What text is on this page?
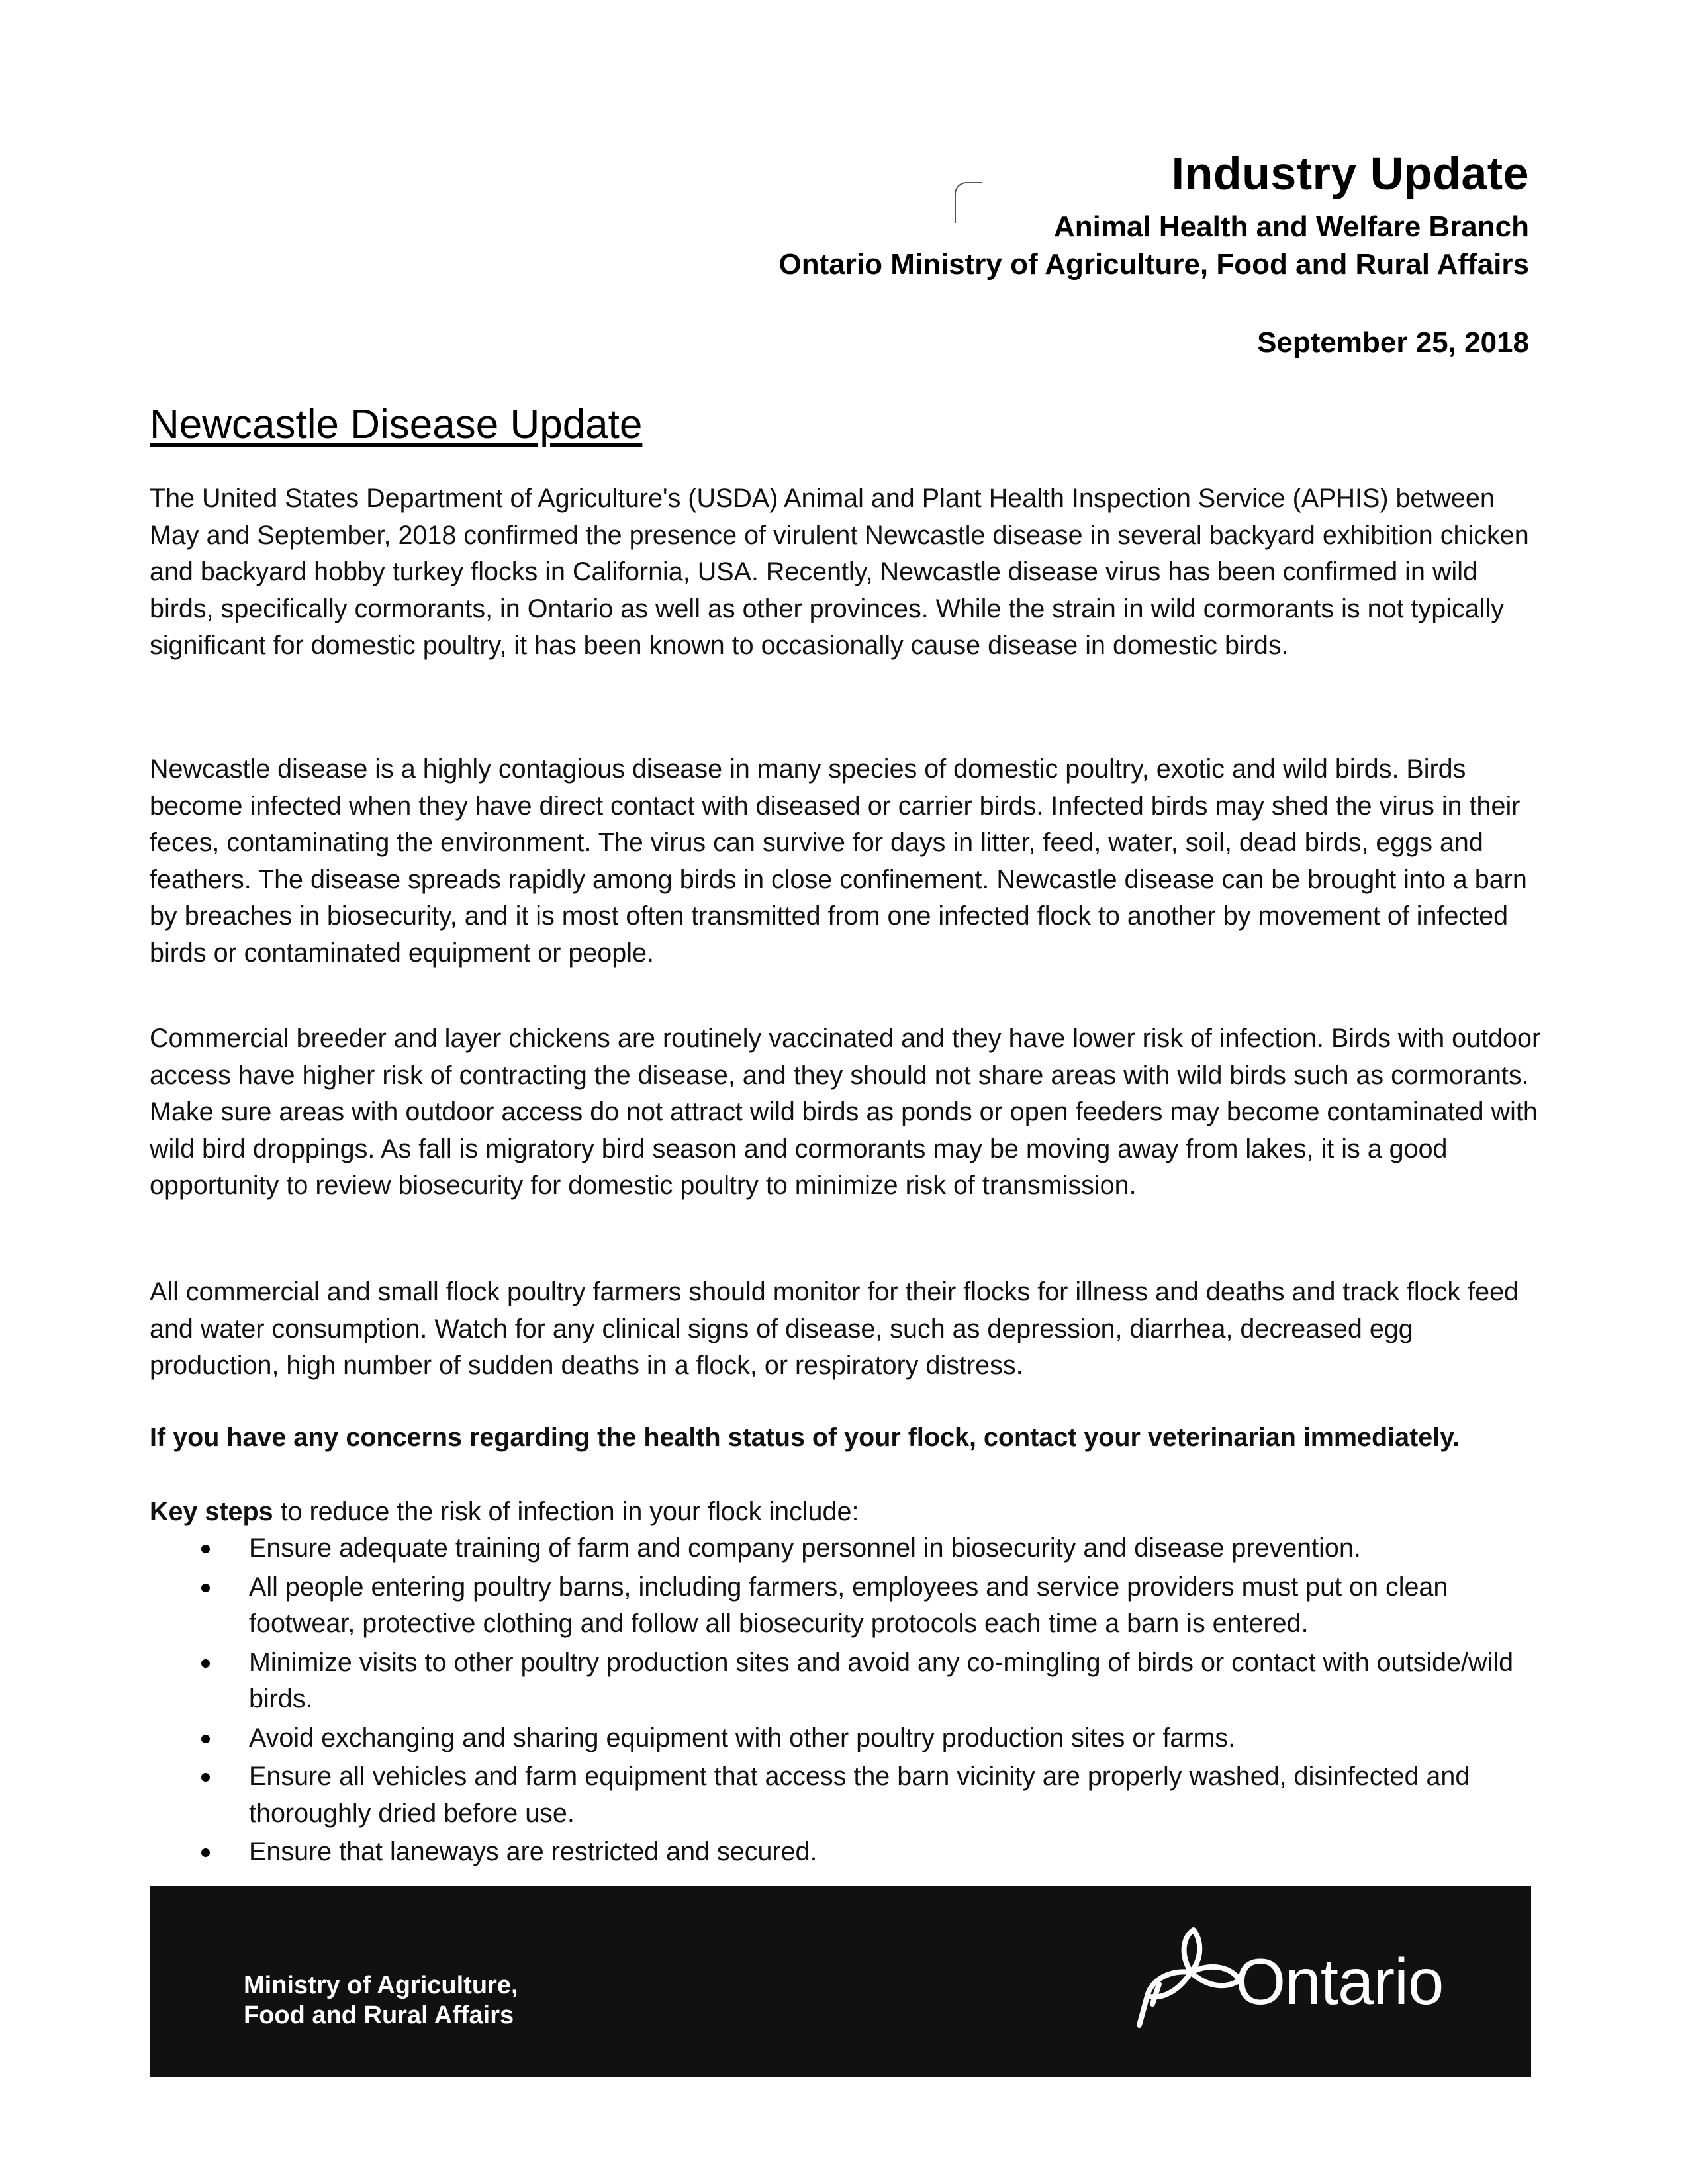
Industry Update
Animal Health and Welfare Branch
Ontario Ministry of Agriculture, Food and Rural Affairs
September 25, 2018
Newcastle Disease Update

The United States Department of Agriculture's (USDA) Animal and Plant Health Inspection Service (APHIS) between May and September, 2018 confirmed the presence of virulent Newcastle disease in several backyard exhibition chicken and backyard hobby turkey flocks in California, USA. Recently, Newcastle disease virus has been confirmed in wild birds, specifically cormorants, in Ontario as well as other provinces. While the strain in wild cormorants is not typically significant for domestic poultry, it has been known to occasionally cause disease in domestic birds.

Newcastle disease is a highly contagious disease in many species of domestic poultry, exotic and wild birds. Birds become infected when they have direct contact with diseased or carrier birds. Infected birds may shed the virus in their feces, contaminating the environment. The virus can survive for days in litter, feed, water, soil, dead birds, eggs and feathers. The disease spreads rapidly among birds in close confinement. Newcastle disease can be brought into a barn by breaches in biosecurity, and it is most often transmitted from one infected flock to another by movement of infected birds or contaminated equipment or people.

Commercial breeder and layer chickens are routinely vaccinated and they have lower risk of infection. Birds with outdoor access have higher risk of contracting the disease, and they should not share areas with wild birds such as cormorants. Make sure areas with outdoor access do not attract wild birds as ponds or open feeders may become contaminated with wild bird droppings. As fall is migratory bird season and cormorants may be moving away from lakes, it is a good opportunity to review biosecurity for domestic poultry to minimize risk of transmission.

All commercial and small flock poultry farmers should monitor for their flocks for illness and deaths and track flock feed and water consumption. Watch for any clinical signs of disease, such as depression, diarrhea, decreased egg production, high number of sudden deaths in a flock, or respiratory distress.

If you have any concerns regarding the health status of your flock, contact your veterinarian immediately.

Key steps to reduce the risk of infection in your flock include:

Ensure adequate training of farm and company personnel in biosecurity and disease prevention.
All people entering poultry barns, including farmers, employees and service providers must put on clean footwear, protective clothing and follow all biosecurity protocols each time a barn is entered.
Minimize visits to other poultry production sites and avoid any co-mingling of birds or contact with outside/wild birds.
Avoid exchanging and sharing equipment with other poultry production sites or farms.
Ensure all vehicles and farm equipment that access the barn vicinity are properly washed, disinfected and thoroughly dried before use.
Ensure that laneways are restricted and secured.
Ministry of Agriculture,
Food and Rural Affairs	Ontario
